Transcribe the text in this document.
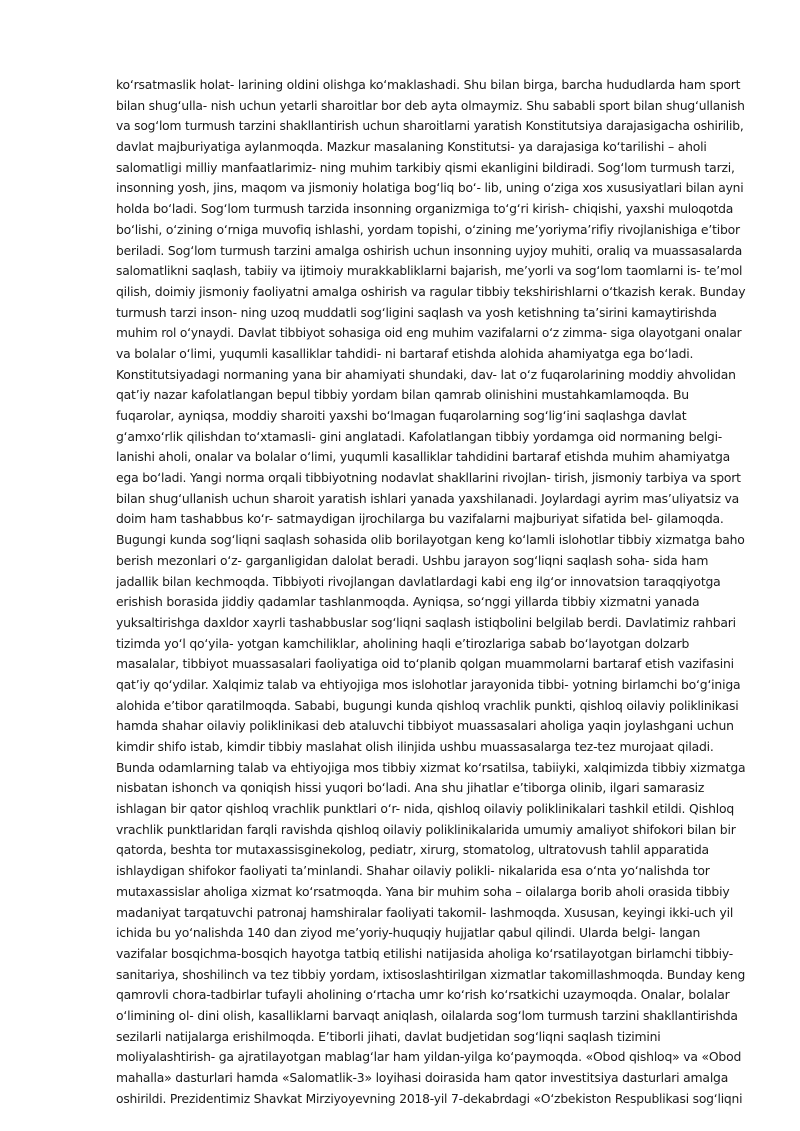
ko‘rsatmaslik holat- larining oldini olishga ko‘maklashadi. Shu bilan birga, barcha hududlarda ham sport
bilan shug‘ulla- nish uchun yetarli sharoitlar bor deb ayta olmaymiz. Shu sababli sport bilan shug‘ullanish
va sog‘lom turmush tarzini shakllantirish uchun sharoitlarni yaratish Konstitutsiya darajasigacha oshirilib,
davlat majburiyatiga aylanmoqda. Mazkur masalaning Konstitutsi- ya darajasiga ko‘tarilishi – aholi
salomatligi milliy manfaatlarimiz- ning muhim tarkibiy qismi ekanligini bildiradi. Sog‘lom turmush tarzi,
insonning yosh, jins, maqom va jismoniy holatiga bog‘liq bo‘- lib, uning o‘ziga xos xususiyatlari bilan ayni
holda bo‘ladi. Sog‘lom turmush tarzida insonning organizmiga to‘g‘ri kirish- chiqishi, yaxshi muloqotda
bo‘lishi, o‘zining o‘rniga muvofiq ishlashi, yordam topishi, o‘zining me’yoriyma’rifiy rivojlanishiga e’tibor
beriladi. Sog‘lom turmush tarzini amalga oshirish uchun insonning uyjoy muhiti, oraliq va muassasalarda
salomatlikni saqlash, tabiiy va ijtimoiy murakkabliklarni bajarish, me’yorli va sog‘lom taomlarni is- te’mol
qilish, doimiy jismoniy faoliyatni amalga oshirish va ragular tibbiy tekshirishlarni o‘tkazish kerak. Bunday
turmush tarzi inson- ning uzoq muddatli sog‘ligini saqlash va yosh ketishning ta’sirini kamaytirishda
muhim rol o‘ynaydi. Davlat tibbiyot sohasiga oid eng muhim vazifalarni o‘z zimma- siga olayotgani onalar
va bolalar o‘limi, yuqumli kasalliklar tahdidi- ni bartaraf etishda alohida ahamiyatga ega bo‘ladi.
Konstitutsiyadagi normaning yana bir ahamiyati shundaki, dav- lat o‘z fuqarolarining moddiy ahvolidan
qat’iy nazar kafolatlangan bepul tibbiy yordam bilan qamrab olinishini mustahkamlamoqda. Bu
fuqarolar, ayniqsa, moddiy sharoiti yaxshi bo‘lmagan fuqarolarning sog‘lig‘ini saqlashga davlat
g‘amxo‘rlik qilishdan to‘xtamasli- gini anglatadi. Kafolatlangan tibbiy yordamga oid normaning belgi-
lanishi aholi, onalar va bolalar o‘limi, yuqumli kasalliklar tahdidini bartaraf etishda muhim ahamiyatga
ega bo‘ladi. Yangi norma orqali tibbiyotning nodavlat shakllarini rivojlan- tirish, jismoniy tarbiya va sport
bilan shug‘ullanish uchun sharoit yaratish ishlari yanada yaxshilanadi. Joylardagi ayrim mas’uliyatsiz va
doim ham tashabbus ko‘r- satmaydigan ijrochilarga bu vazifalarni majburiyat sifatida bel- gilamoqda.
Bugungi kunda sog‘liqni saqlash sohasida olib borilayotgan keng ko‘lamli islohotlar tibbiy xizmatga baho
berish mezonlari o‘z- garganligidan dalolat beradi. Ushbu jarayon sog‘liqni saqlash soha- sida ham
jadallik bilan kechmoqda. Tibbiyoti rivojlangan davlatlardagi kabi eng ilg‘or innovatsion taraqqiyotga
erishish borasida jiddiy qadamlar tashlanmoqda. Ayniqsa, so‘nggi yillarda tibbiy xizmatni yanada
yuksaltirishga daxldor xayrli tashabbuslar sog‘liqni saqlash istiqbolini belgilab berdi. Davlatimiz rahbari
tizimda yo‘l qo‘yila- yotgan kamchiliklar, aholining haqli e’tirozlariga sabab bo‘layotgan dolzarb
masalalar, tibbiyot muassasalari faoliyatiga oid to‘planib qolgan muammolarni bartaraf etish vazifasini
qat’iy qo‘ydilar. Xalqimiz talab va ehtiyojiga mos islohotlar jarayonida tibbi- yotning birlamchi bo‘g‘iniga
alohida e’tibor qaratilmoqda. Sababi, bugungi kunda qishloq vrachlik punkti, qishloq oilaviy poliklinikasi
hamda shahar oilaviy poliklinikasi deb ataluvchi tibbiyot muassasalari aholiga yaqin joylashgani uchun
kimdir shifo istab, kimdir tibbiy maslahat olish ilinjida ushbu muassasalarga tez-tez murojaat qiladi.
Bunda odamlarning talab va ehtiyojiga mos tibbiy xizmat ko‘rsatilsa, tabiiyki, xalqimizda tibbiy xizmatga
nisbatan ishonch va qoniqish hissi yuqori bo‘ladi. Ana shu jihatlar e’tiborga olinib, ilgari samarasiz
ishlagan bir qator qishloq vrachlik punktlari o‘r- nida, qishloq oilaviy poliklinikalari tashkil etildi. Qishloq
vrachlik punktlaridan farqli ravishda qishloq oilaviy poliklinikalarida umumiy amaliyot shifokori bilan bir
qatorda, beshta tor mutaxassisginekolog, pediatr, xirurg, stomatolog, ultratovush tahlil apparatida
ishlaydigan shifokor faoliyati ta’minlandi. Shahar oilaviy polikli- nikalarida esa o‘nta yo‘nalishda tor
mutaxassislar aholiga xizmat ko‘rsatmoqda. Yana bir muhim soha – oilalarga borib aholi orasida tibbiy
madaniyat tarqatuvchi patronaj hamshiralar faoliyati takomil- lashmoqda. Xususan, keyingi ikki-uch yil
ichida bu yo‘nalishda 140 dan ziyod me’yoriy-huquqiy hujjatlar qabul qilindi. Ularda belgi- langan
vazifalar bosqichma-bosqich hayotga tatbiq etilishi natijasida aholiga ko‘rsatilayotgan birlamchi tibbiy-
sanitariya, shoshilinch va tez tibbiy yordam, ixtisoslashtirilgan xizmatlar takomillashmoqda. Bunday keng
qamrovli chora-tadbirlar tufayli aholining o‘rtacha umr ko‘rish ko‘rsatkichi uzaymoqda. Onalar, bolalar
o‘limining ol- dini olish, kasalliklarni barvaqt aniqlash, oilalarda sog‘lom turmush tarzini shakllantirishda
sezilarli natijalarga erishilmoqda. E’tiborli jihati, davlat budjetidan sog‘liqni saqlash tizimini
moliyalashtirish- ga ajratilayotgan mablag‘lar ham yildan-yilga ko‘paymoqda. «Obod qishloq» va «Obod
mahalla» dasturlari hamda «Salomatlik-3» loyihasi doirasida ham qator investitsiya dasturlari amalga
oshirildi. Prezidentimiz Shavkat Mirziyoyevning 2018-yil 7-dekabrdagi «O‘zbekiston Respublikasi sog‘liqni
